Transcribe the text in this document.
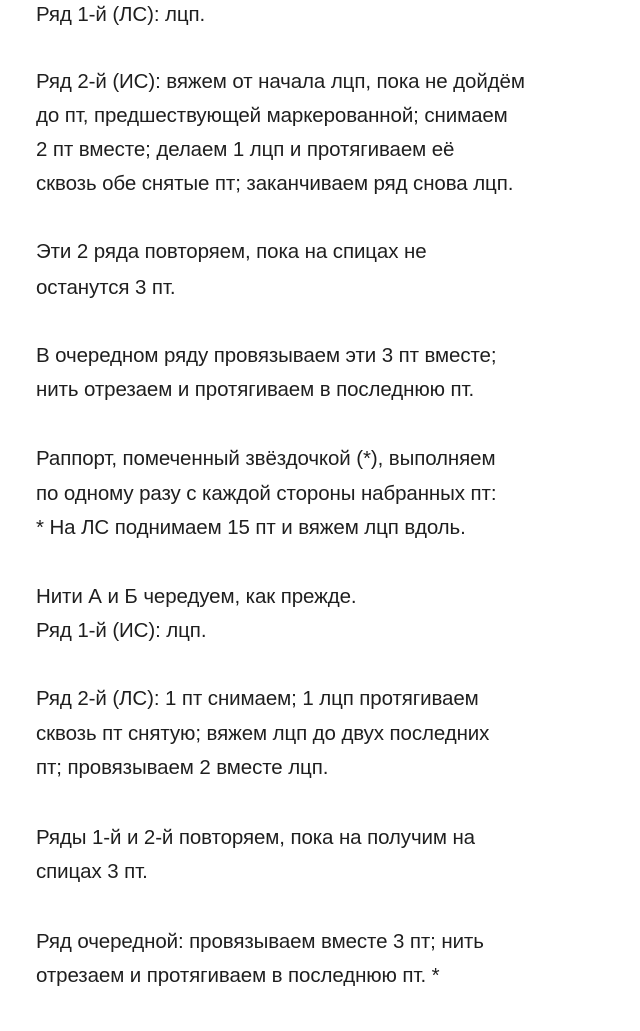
Ряд 1-й (ЛС): лцп.
Ряд 2-й (ИС): вяжем от начала лцп, пока не дойдём
до пт, предшествующей маркерованной; снимаем
2 пт вместе; делаем 1 лцп и протягиваем её
сквозь обе снятые пт; заканчиваем ряд снова лцп.
Эти 2 ряда повторяем, пока на спицах не
останутся 3 пт.
В очередном ряду провязываем эти 3 пт вместе;
нить отрезаем и протягиваем в последнюю пт.
Раппорт, помеченный звёздочкой (*), выполняем
по одному разу с каждой стороны набранных пт:
* На ЛС поднимаем 15 пт и вяжем лцп вдоль.
Нити А и Б чередуем, как прежде.
Ряд 1-й (ИС): лцп.
Ряд 2-й (ЛС): 1 пт снимаем; 1 лцп протягиваем
сквозь пт снятую; вяжем лцп до двух последних
пт; провязываем 2 вместе лцп.
Ряды 1-й и 2-й повторяем, пока на получим на
спицах 3 пт.
Ряд очередной: провязываем вместе 3 пт; нить
отрезаем и протягиваем в последнюю пт. *
